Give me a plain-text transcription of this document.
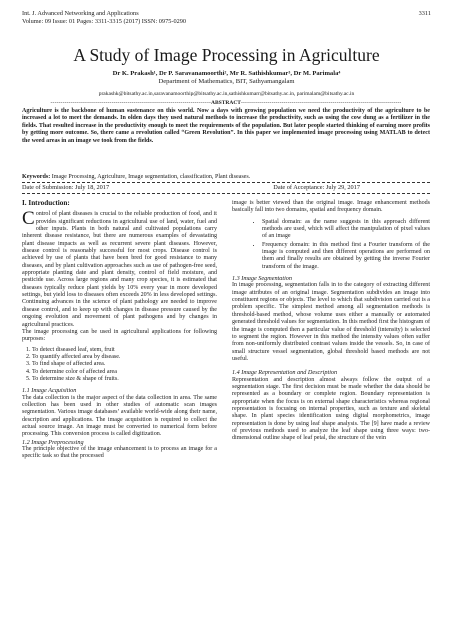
Int. J. Advanced Networking and Applications
Volume: 09 Issue: 01 Pages: 3311-3315 (2017) ISSN: 0975-0290
3311
A Study of Image Processing in Agriculture
Dr K. Prakash¹, Dr P. Saravanamoorthi², Mr R. Sathishkumar³, Dr M. Parimala⁴
Department of Mathematics, BIT, Sathyamangalam
prakashk@bitsathy.ac.in,saravanamoorthip@bitsathy.ac.in,sathishkumarr@bitsathy.ac.in, parimalam@bitsathy.ac.in
-------------------------------------------------------------------------------ABSTRACT-------------------------------------------------------------------------------
Agriculture is the backbone of human sustenance on this world. Now a days with growing population we need the productivity of the agriculture to be increased a lot to meet the demands. In olden days they used natural methods to increase the productivity, such as using the cow dung as a fertilizer in the fields. That resulted increase in the productivity enough to meet the requirements of the population. But later people started thinking of earning more profits by getting more outcome. So, there came a revolution called “Green Revolution”. In this paper we implemented image processing using MATLAB to detect the weed areas in an image we took from the fields.
Keywords: Image Processing, Agriculture, Image segmentation, classification, Plant diseases.
Date of Submission: July 18, 2017	Date of Acceptance: July 29, 2017
I. Introduction:

Control of plant diseases is crucial to the reliable production of food, and it provides significant reductions in agricultural use of land, water, fuel and other inputs. Plants in both natural and cultivated populations carry inherent disease resistance, but there are numerous examples of devastating plant disease impacts as well as recurrent severe plant diseases. However, disease control is reasonably successful for most crops. Disease control is achieved by use of plants that have been bred for good resistance to many diseases, and by plant cultivation approaches such as use of pathogen-free seed, appropriate planting date and plant density, control of field moisture, and pesticide use. Across large regions and many crop species, it is estimated that diseases typically reduce plant yields by 10% every year in more developed settings, but yield loss to diseases often exceeds 20% in less developed settings. Continuing advances in the science of plant pathology are needed to improve disease control, and to keep up with changes in disease pressure caused by the ongoing evolution and movement of plant pathogens and by changes in agricultural practices.

The image processing can be used in agricultural applications for following purposes:

1. To detect diseased leaf, stem, fruit
2. To quantify affected area by disease.
3. To find shape of affected area.
4. To determine color of affected area
5. To determine size & shape of fruits.
1.1 Image Acquisition

The data collection is the major aspect of the data collection in area. The same collection has been used in other studies of automatic scan images segmentation. Various image databases’ available world-wide along their name, description and applications. The image acquisition is required to collect the actual source image. An image must be converted to numerical form before processing. This conversion process is called digitization.

1.2 Image Preprocessing

The principle objective of the image enhancement is to process an image for a specific task so that the processed

image is better viewed than the original image. Image enhancement methods basically fall into two domains, spatial and frequency domain.

• Spatial domain: as the name suggests in this approach different methods are used, which will affect the manipulation of pixel values of an image
• Frequency domain: in this method first a Fourier transform of the image is computed and then different operations are performed on them and finally results are obtained by getting the inverse Fourier transform of the image.
1.3 Image Segmentation

In image processing, segmentation falls in to the category of extracting different image attributes of an original image. Segmentation subdivides an image into constituent regions or objects. The level to which that subdivision carried out is a problem specific. The simplest method among all segmentation methods is threshold-based method, whose volume uses either a manually or automated generated threshold values for segmentation. In this method first the histogram of the image is computed then a particular value of threshold (intensity) is selected to segment the region. However in this method the intensity values often suffer from non-uniformly distributed contrast values inside the vessels. So, in case of small structure vessel segmentation, global threshold based methods are not useful.

1.4 Image Representation and Description

Representation and description almost always follow the output of a segmentation stage. The first decision must be made whether the data should be represented as a boundary or complete region. Boundary representation is appropriate when the focus is on external shape characteristics whereas regional representation is focusing on internal properties, such as texture and skeletal shape. In plant species identification using digital morphometrics, image representation is done by using leaf shape analysis. The [9] have made a review of previous methods used to analyze the leaf shape using three ways: two-dimensional outline shape of leaf petal, the structure of the vein
